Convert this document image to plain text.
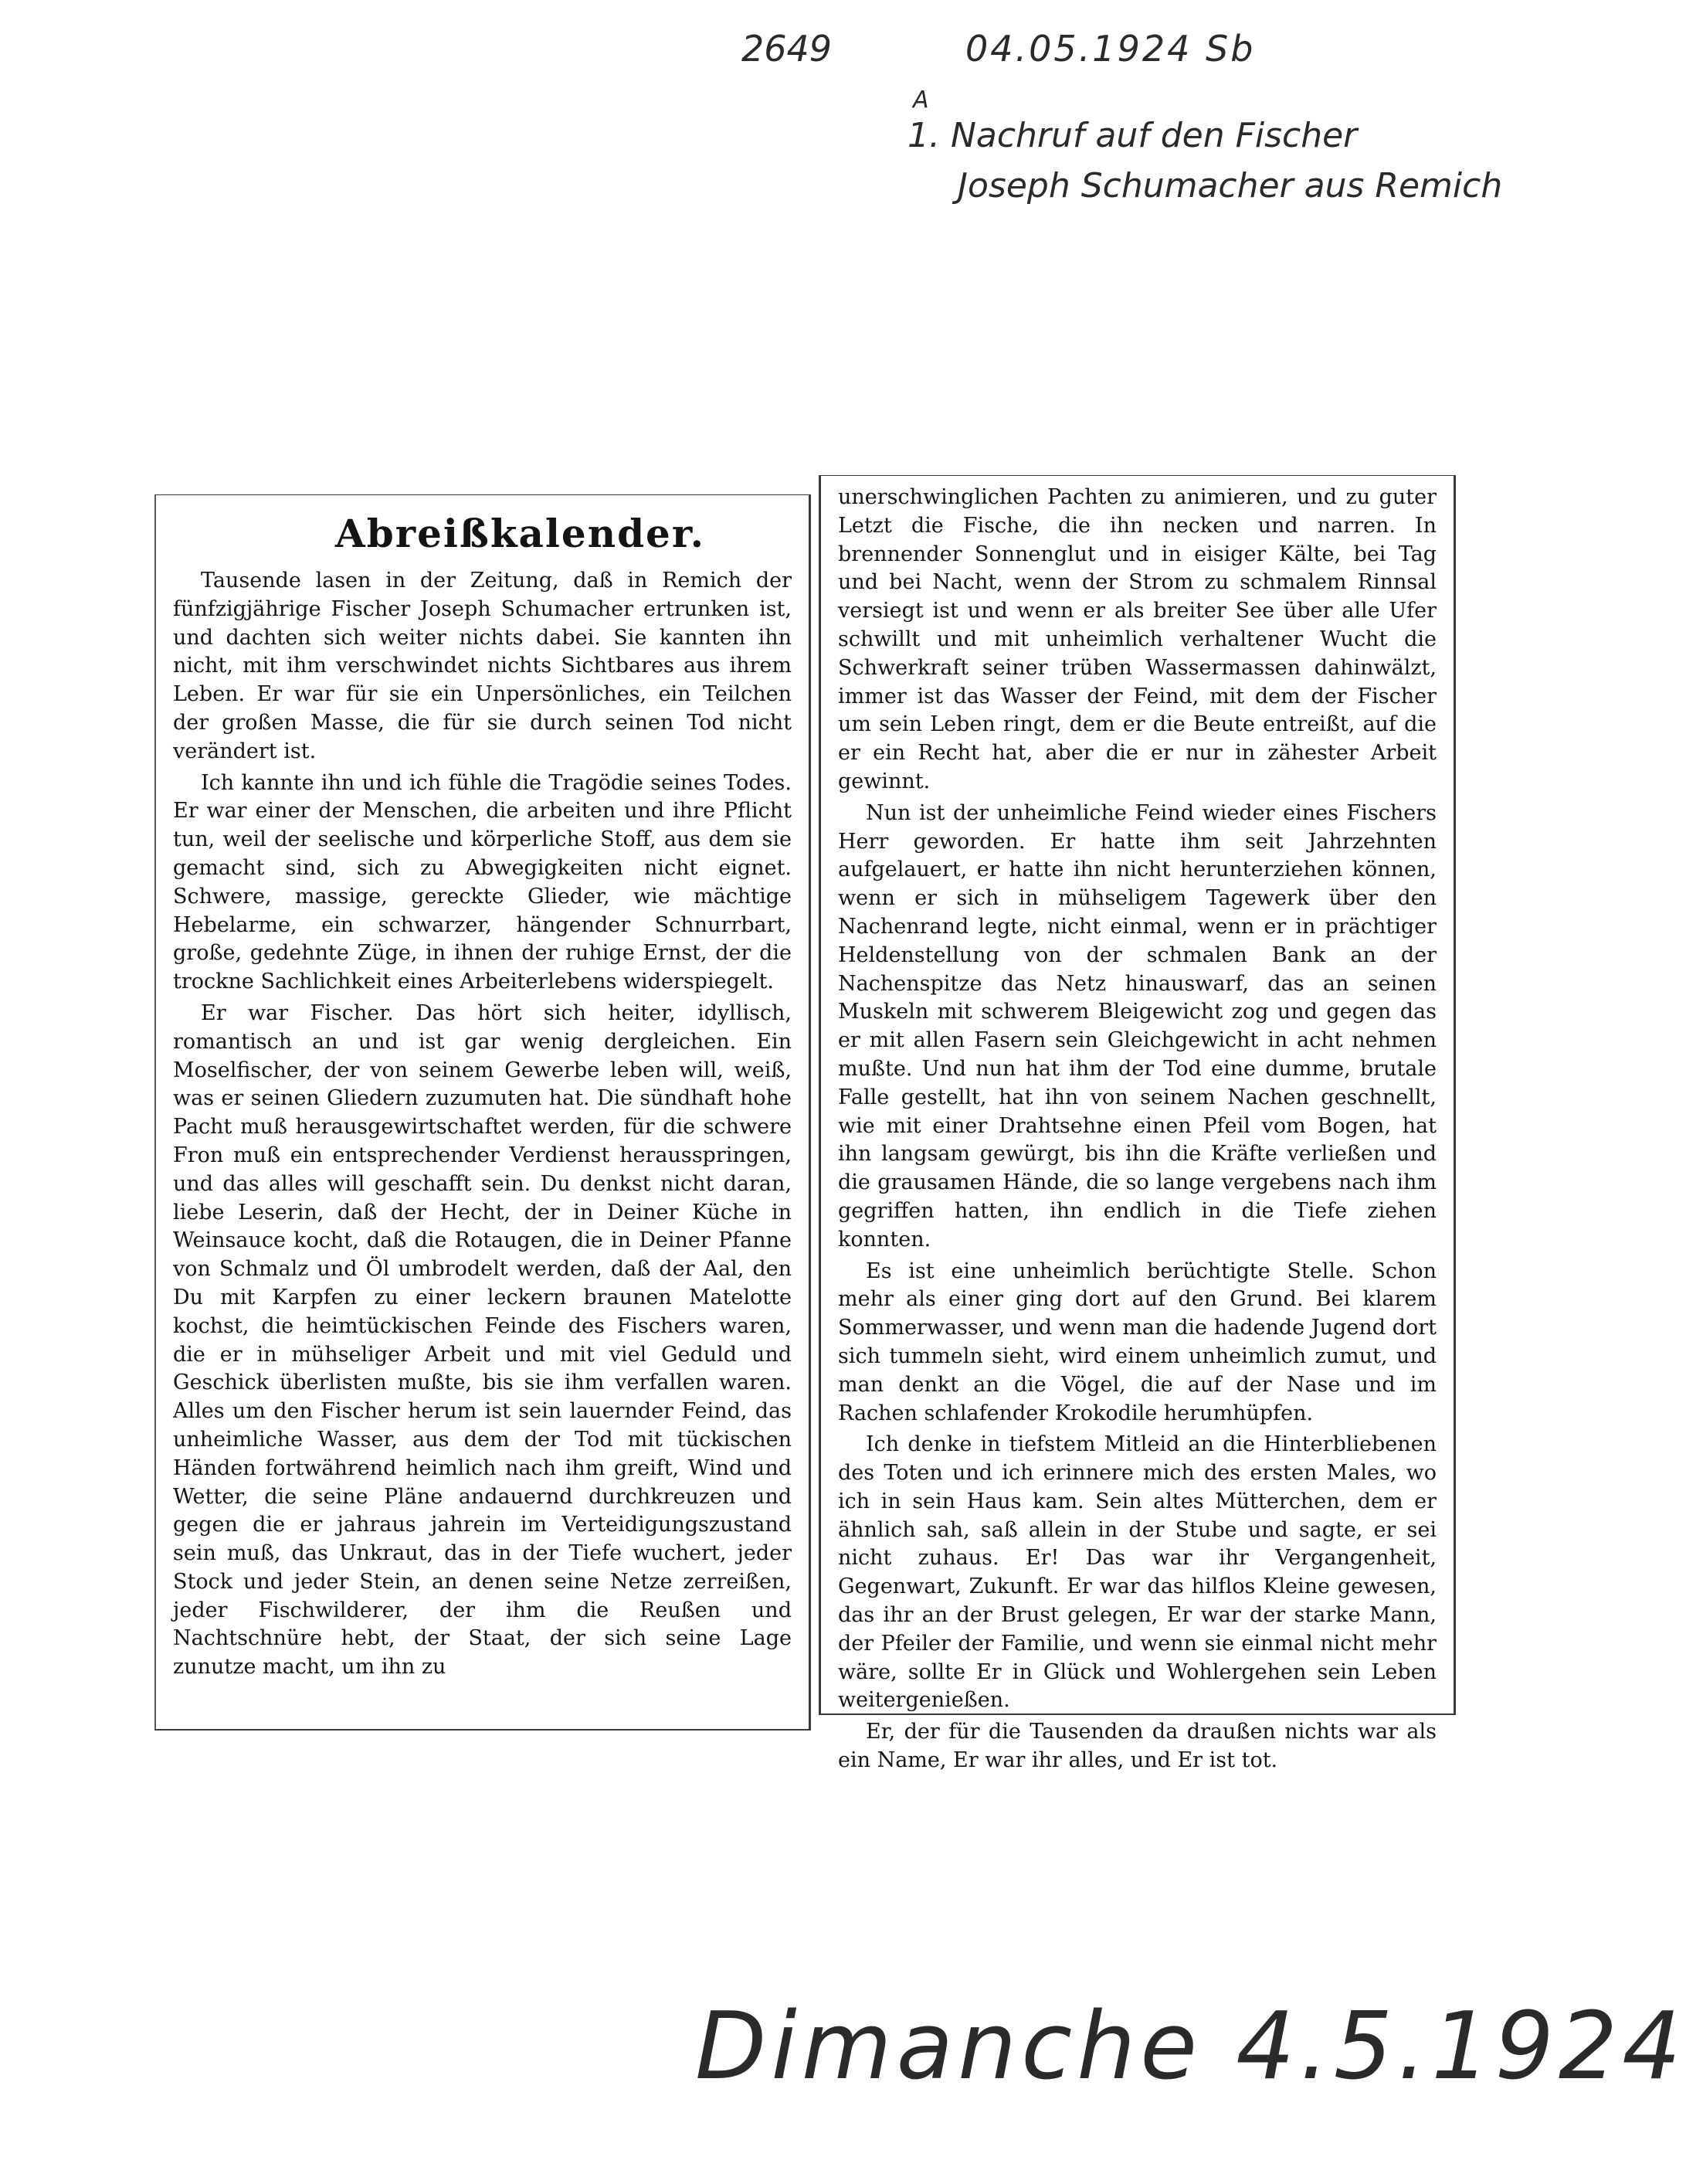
2649	04.05.1924 Sb
A
1. Nachruf auf den Fischer
Joseph Schumacher aus Remich
Abreißkalender.

Tausende lasen in der Zeitung, daß in Remich der fünfzigjährige Fischer Joseph Schumacher ertrunken ist, und dachten sich weiter nichts dabei. Sie kannten ihn nicht, mit ihm verschwindet nichts Sichtbares aus ihrem Leben. Er war für sie ein Unpersönliches, ein Teilchen der großen Masse, die für sie durch seinen Tod nicht verändert ist.

Ich kannte ihn und ich fühle die Tragödie seines Todes. Er war einer der Menschen, die arbeiten und ihre Pflicht tun, weil der seelische und körperliche Stoff, aus dem sie gemacht sind, sich zu Abwegigkeiten nicht eignet. Schwere, massige, gereckte Glieder, wie mächtige Hebelarme, ein schwarzer, hängender Schnurrbart, große, gedehnte Züge, in ihnen der ruhige Ernst, der die trockne Sachlichkeit eines Arbeiterlebens widerspiegelt.

Er war Fischer. Das hört sich heiter, idyllisch, romantisch an und ist gar wenig dergleichen. Ein Moselfischer, der von seinem Gewerbe leben will, weiß, was er seinen Gliedern zuzumuten hat. Die sündhaft hohe Pacht muß herausgewirtschaftet werden, für die schwere Fron muß ein entsprechender Verdienst herausspringen, und das alles will geschafft sein. Du denkst nicht daran, liebe Leserin, daß der Hecht, der in Deiner Küche in Weinsauce kocht, daß die Rotaugen, die in Deiner Pfanne von Schmalz und Öl umbrodelt werden, daß der Aal, den Du mit Karpfen zu einer leckern braunen Matelotte kochst, die heimtückischen Feinde des Fischers waren, die er in mühseliger Arbeit und mit viel Geduld und Geschick überlisten mußte, bis sie ihm verfallen waren. Alles um den Fischer herum ist sein lauernder Feind, das unheimliche Wasser, aus dem der Tod mit tückischen Händen fortwährend heimlich nach ihm greift, Wind und Wetter, die seine Pläne andauernd durchkreuzen und gegen die er jahraus jahrein im Verteidigungszustand sein muß, das Unkraut, das in der Tiefe wuchert, jeder Stock und jeder Stein, an denen seine Netze zerreißen, jeder Fischwilderer, der ihm die Reußen und Nachtschnüre hebt, der Staat, der sich seine Lage zunutze macht, um ihn zu

unerschwinglichen Pachten zu animieren, und zu guter Letzt die Fische, die ihn necken und narren. In brennender Sonnenglut und in eisiger Kälte, bei Tag und bei Nacht, wenn der Strom zu schmalem Rinnsal versiegt ist und wenn er als breiter See über alle Ufer schwillt und mit unheimlich verhaltener Wucht die Schwerkraft seiner trüben Wassermassen dahinwälzt, immer ist das Wasser der Feind, mit dem der Fischer um sein Leben ringt, dem er die Beute entreißt, auf die er ein Recht hat, aber die er nur in zähester Arbeit gewinnt.

Nun ist der unheimliche Feind wieder eines Fischers Herr geworden. Er hatte ihm seit Jahrzehnten aufgelauert, er hatte ihn nicht herunterziehen können, wenn er sich in mühseligem Tagewerk über den Nachenrand legte, nicht einmal, wenn er in prächtiger Heldenstellung von der schmalen Bank an der Nachenspitze das Netz hinauswarf, das an seinen Muskeln mit schwerem Bleigewicht zog und gegen das er mit allen Fasern sein Gleichgewicht in acht nehmen mußte. Und nun hat ihm der Tod eine dumme, brutale Falle gestellt, hat ihn von seinem Nachen geschnellt, wie mit einer Drahtsehne einen Pfeil vom Bogen, hat ihn langsam gewürgt, bis ihn die Kräfte verließen und die grausamen Hände, die so lange vergebens nach ihm gegriffen hatten, ihn endlich in die Tiefe ziehen konnten.

Es ist eine unheimlich berüchtigte Stelle. Schon mehr als einer ging dort auf den Grund. Bei klarem Sommerwasser, und wenn man die hadende Jugend dort sich tummeln sieht, wird einem unheimlich zumut, und man denkt an die Vögel, die auf der Nase und im Rachen schlafender Krokodile herumhüpfen.

Ich denke in tiefstem Mitleid an die Hinterbliebenen des Toten und ich erinnere mich des ersten Males, wo ich in sein Haus kam. Sein altes Mütterchen, dem er ähnlich sah, saß allein in der Stube und sagte, er sei nicht zuhaus. Er! Das war ihr Vergangenheit, Gegenwart, Zukunft. Er war das hilflos Kleine gewesen, das ihr an der Brust gelegen, Er war der starke Mann, der Pfeiler der Familie, und wenn sie einmal nicht mehr wäre, sollte Er in Glück und Wohlergehen sein Leben weitergenießen.

Er, der für die Tausenden da draußen nichts war als ein Name, Er war ihr alles, und Er ist tot.

Dimanche 4.5.1924
